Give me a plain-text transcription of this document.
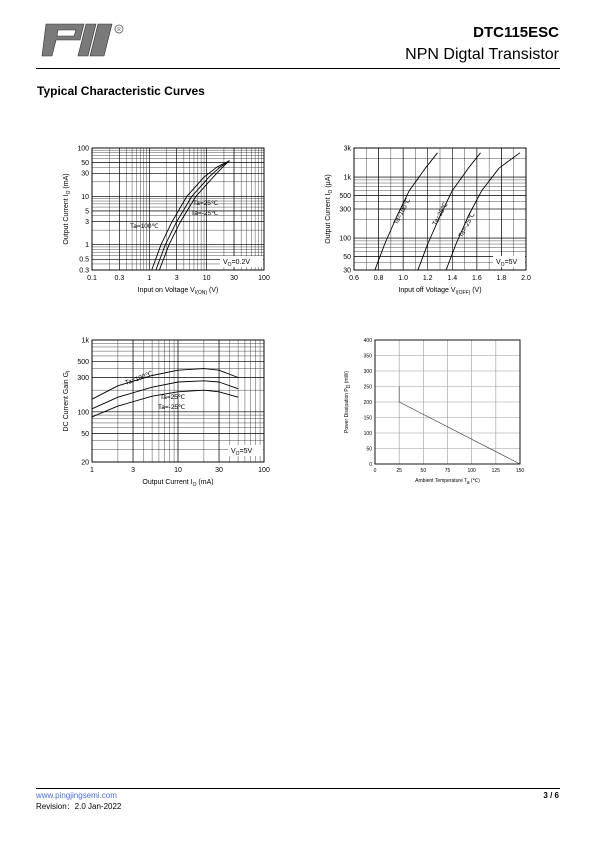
R	DTC115ESC
NPN Digtal Transistor
Typical Characteristic Curves
0.1	0.3	1	3	10	30	100
0.3
0.5
1
3
5
10
30
50
100
Input on Voltage $V_{I(ON)}$ (V)
Output Current $I_O$ (mA)
Ta=100℃
Ta=25℃
Ta=-25℃
$V_O=0.2V$
0.6 0.8 1.0 1.2 1.4 1.6 1.8 2.0
30
50
100
300
500
1k
3k
Input off Voltage $V_{I(OFF)}$ (V)
Output Current $I_O$ (μA)
Ta=100℃	Ta=25℃ Ta=-25℃
$V_O=5V$
1	3	10	30	100
20
50
100
300
500
1k
Output Current $I_O$ (mA)
DC Current Gain $G_I$	Ta=100℃
Ta=25℃
Ta=-25℃
$V_O=5V$
0	25	50	75	100	125	150
0
50
100
150
200
250
300
350
400
Ambient Temperature Ta (℃)
Power Dissipation PD (mW)
www.pingjingsemi.com
Revision：2.0 Jan-2022
3 / 6
